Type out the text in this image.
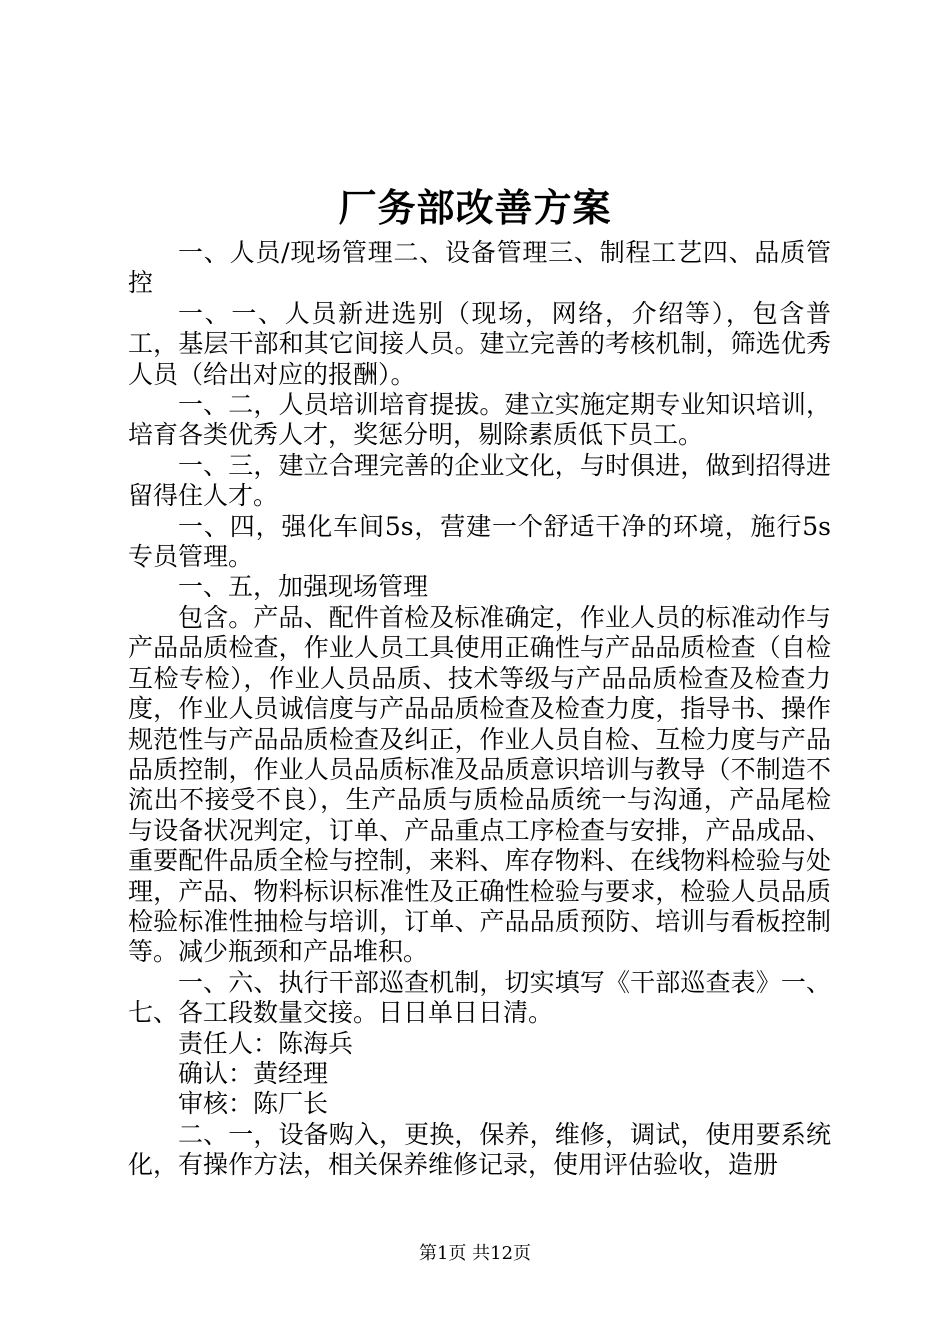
厂务部改善方案

一、人员/现场管理二、设备管理三、制程工艺四、品质管控

一、一、人员新进选别（现场，网络，介绍等），包含普工，基层干部和其它间接人员。建立完善的考核机制，筛选优秀人员（给出对应的报酬）。

一、二，人员培训培育提拔。建立实施定期专业知识培训，培育各类优秀人才，奖惩分明，剔除素质低下员工。

一、三，建立合理完善的企业文化，与时俱进，做到招得进留得住人才。

一、四，强化车间5s，营建一个舒适干净的环境，施行5s专员管理。

一、五，加强现场管理

包含。产品、配件首检及标准确定，作业人员的标准动作与产品品质检查，作业人员工具使用正确性与产品品质检查（自检互检专检），作业人员品质、技术等级与产品品质检查及检查力度，作业人员诚信度与产品品质检查及检查力度，指导书、操作规范性与产品品质检查及纠正，作业人员自检、互检力度与产品品质控制，作业人员品质标准及品质意识培训与教导（不制造不流出不接受不良），生产品质与质检品质统一与沟通，产品尾检与设备状况判定，订单、产品重点工序检查与安排，产品成品、重要配件品质全检与控制，来料、库存物料、在线物料检验与处理，产品、物料标识标准性及正确性检验与要求，检验人员品质检验标准性抽检与培训，订单、产品品质预防、培训与看板控制等。减少瓶颈和产品堆积。

一、六、执行干部巡查机制，切实填写《干部巡查表》一、七、各工段数量交接。日日单日日清。

责任人：陈海兵

确认：黄经理

审核：陈厂长

二、一，设备购入，更换，保养，维修，调试，使用要系统化，有操作方法，相关保养维修记录，使用评估验收，造册

第1页 共12页
